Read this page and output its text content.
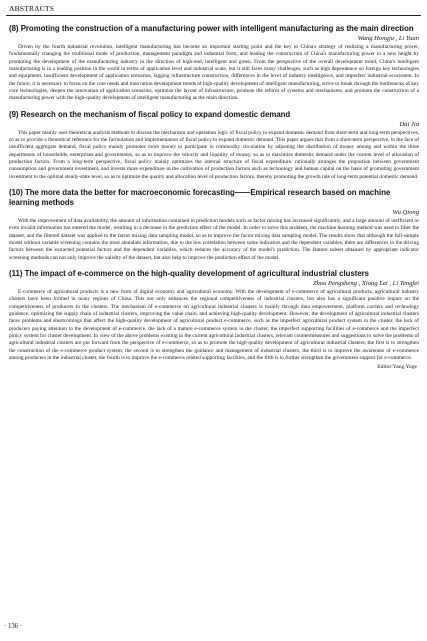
ABSTRACTS
(8) Promoting the construction of a manufacturing power with intelligent manufacturing as the main direction

Wang Hongju , Li Yuan

Driven by the fourth industrial revolution, intelligent manufacturing has become an important starting point and the key to China's strategy of realizing a manufacturing power, fundamentally changing the traditional mode of production, management paradigm and industrial form, and leading the construction of China's manufacturing power to a new height by promoting the development of the manufacturing industry in the direction of high-end, intelligent and green. From the perspective of the overall development trend, China's intelligent manufacturing is in a leading position in the world in terms of application level and industrial scale, but it still faces many challenges, such as high dependence on foreign key technologies and equipment, insufficient development of application scenarios, lagging infrastructure construction, differences in the level of industry intelligence, and imperfect industrial ecosystem. In the future, it is necessary to focus on the core needs and innovation development trends of high-quality development of intelligent manufacturing, strive to break through the bottlenecks of key core technologies, deepen the innovation of application scenarios, optimize the layout of infrastructure, promote the reform of systems and mechanisms, and promote the construction of a manufacturing power with the high-quality development of intelligent manufacturing as the main direction.

(9) Research on the mechanism of fiscal policy to expand domestic demand

Dai Jia

This paper mainly uses theoretical analysis methods to discuss the mechanism and operation logic of fiscal policy to expand domestic demand from short-term and long-term perspectives, so as to provide a theoretical reference for the formulation and implementation of fiscal policy to expand domestic demand. This paper argues that from a short-term perspective, in the face of insufficient aggregate demand, fiscal policy mainly promotes more money to participate in commodity circulation by adjusting the distribution of money among and within the three departments of households, enterprises and governments, so as to improve the velocity and liquidity of money, so as to maximize domestic demand under the current level of allocation of production factors. From a long-term perspective, fiscal policy mainly optimizes the internal structure of fiscal expenditure, rationally arranges the proportion between government consumption and government investment, and invests more expenditure in the cultivation of production factors such as technology and human capital on the basis of promoting government investment to the optimal steady-state level, so as to optimize the quality and allocation level of production factors, thereby promoting the growth rate of long-term potential domestic demand.

(10) The more data the better for macroeconomic forecasting——Empirical research based on machine learning methods

Wu Qiong

With the improvement of data availability, the amount of information contained in prediction models such as factor mixing has increased significantly, and a large amount of inefficient or even invalid information has entered the model, resulting in a decrease in the prediction effect of the model. In order to solve this problem, the machine learning method was used to filter the dataset, and the filtered dataset was applied to the factor mixing data sampling model, so as to improve the factor mixing data sampling model. The results show that although the full-sample model without variable screening contains the most abundant information, due to the low correlation between some indicators and the dependent variables, there are differences in the driving factors between the extracted potential factors and the dependent variables, which reduces the accuracy of the model's prediction. The feature subset obtained by appropriate indicator screening methods can not only improve the validity of the dataset, but also help to improve the prediction effect of the model.

(11) The impact of e-commerce on the high-quality development of agricultural industrial clusters

Zhou Pengsheng , Xiong Lei , Li Tengfei

E-commerce of agricultural products is a new form of digital economy and agricultural economy. With the development of e-commerce of agricultural products, agricultural industry clusters have been formed in many regions of China. This not only enhances the regional competitiveness of industrial clusters, but also has a significant positive impact on the competitiveness of producers in the clusters. The mechanism of e-commerce on agricultural industrial clusters is mainly through data empowerment, platform carriers and technology guidance, optimizing the supply chain of industrial clusters, improving the value chain, and achieving high-quality development. However, the development of agricultural industrial clusters faces problems and shortcomings that affect the high-quality development of agricultural product e-commerce, such as the imperfect agricultural product system in the cluster, the lack of producers paying attention to the development of e-commerce, the lack of a mature e-commerce system in the cluster, the imperfect supporting facilities of e-commerce and the imperfect policy system for cluster development. In view of the above problems existing in the current agricultural industrial clusters, relevant countermeasures and suggestions to solve the problems of agricultural industrial clusters are put forward from the perspective of e-commerce, so as to promote the high-quality development of agricultural industrial clusters; the first is to strengthen the construction of the e-commerce product system, the second is to strengthen the guidance and management of industrial clusters, the third is to improve the awareness of e-commerce among producers in the industrial cluster, the fourth is to improve the e-commerce related supporting facilities, and the fifth is to further strengthen the government support for e-commerce.

Editor:Yang Yuge

· 136 ·
